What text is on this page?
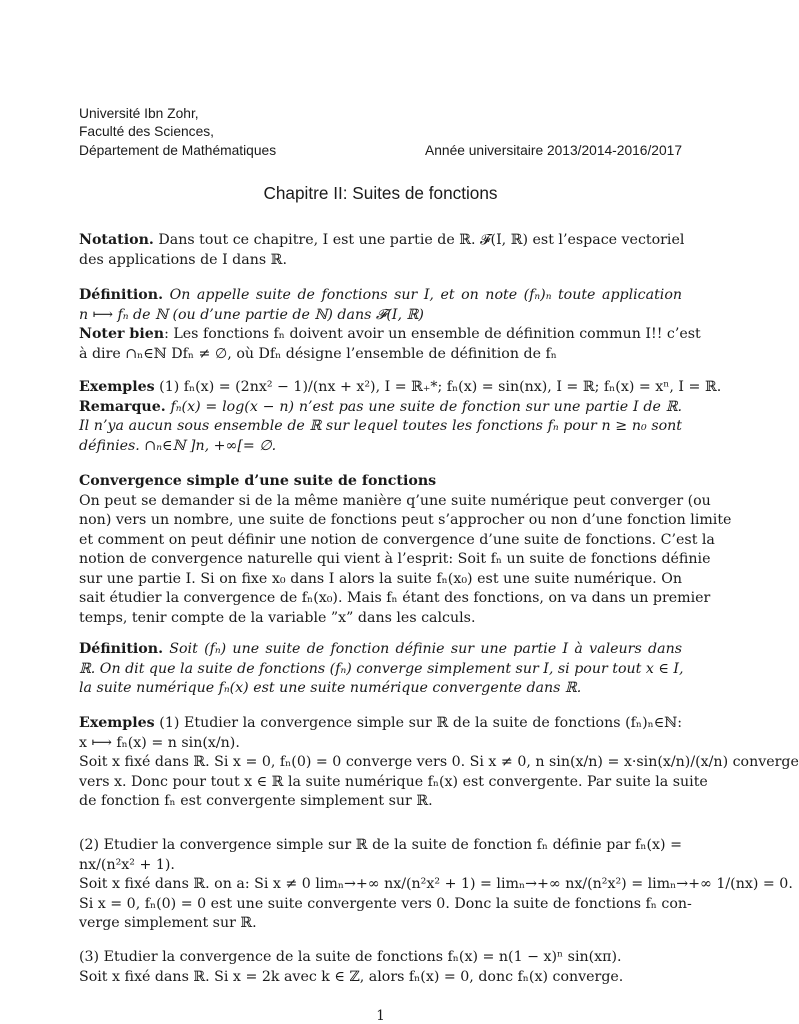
Université Ibn Zohr,
Faculté des Sciences,
Département de Mathématiques	Année universitaire 2013/2014-2016/2017
Chapitre II: Suites de fonctions
Notation. Dans tout ce chapitre, I est une partie de ℝ. 𝓕(I, ℝ) est l’espace vectoriel
des applications de I dans ℝ.
Définition. On appelle suite de fonctions sur I, et on note (fₙ)ₙ toute application
n ⟼ fₙ de ℕ (ou d’une partie de ℕ) dans 𝓕(I, ℝ)
Noter bien: Les fonctions fₙ doivent avoir un ensemble de définition commun I!! c’est
à dire ∩ₙ∈ℕ Dfₙ ≠ ∅, où Dfₙ désigne l’ensemble de définition de fₙ
Exemples (1) fₙ(x) = (2nx² − 1)/(nx + x²), I = ℝ₊*; fₙ(x) = sin(nx), I = ℝ; fₙ(x) = xⁿ, I = ℝ.
Remarque. fₙ(x) = log(x − n) n’est pas une suite de fonction sur une partie I de ℝ.
Il n’ya aucun sous ensemble de ℝ sur lequel toutes les fonctions fₙ pour n ≥ n₀ sont
définies. ∩ₙ∈ℕ ]n, +∞[= ∅.
Convergence simple d’une suite de fonctions
On peut se demander si de la même manière q’une suite numérique peut converger (ou
non) vers un nombre, une suite de fonctions peut s’approcher ou non d’une fonction limite
et comment on peut définir une notion de convergence d’une suite de fonctions. C’est la
notion de convergence naturelle qui vient à l’esprit: Soit fₙ un suite de fonctions définie
sur une partie I. Si on fixe x₀ dans I alors la suite fₙ(x₀) est une suite numérique. On
sait étudier la convergence de fₙ(x₀). Mais fₙ étant des fonctions, on va dans un premier
temps, tenir compte de la variable ”x” dans les calculs.
Définition. Soit (fₙ) une suite de fonction définie sur une partie I à valeurs dans
ℝ. On dit que la suite de fonctions (fₙ) converge simplement sur I, si pour tout x ∈ I,
la suite numérique fₙ(x) est une suite numérique convergente dans ℝ.
Exemples (1) Etudier la convergence simple sur ℝ de la suite de fonctions (fₙ)ₙ∈ℕ:
x ⟼ fₙ(x) = n sin(x/n).
Soit x fixé dans ℝ. Si x = 0, fₙ(0) = 0 converge vers 0. Si x ≠ 0, n sin(x/n) = x·sin(x/n)/(x/n) converge
vers x. Donc pour tout x ∈ ℝ la suite numérique fₙ(x) est convergente. Par suite la suite
de fonction fₙ est convergente simplement sur ℝ.
(2) Etudier la convergence simple sur ℝ de la suite de fonction fₙ définie par fₙ(x) =
nx/(n²x² + 1).
Soit x fixé dans ℝ. on a: Si x ≠ 0 limₙ→+∞ nx/(n²x² + 1) = limₙ→+∞ nx/(n²x²) = limₙ→+∞ 1/(nx) = 0.
Si x = 0, fₙ(0) = 0 est une suite convergente vers 0. Donc la suite de fonctions fₙ con-
verge simplement sur ℝ.
(3) Etudier la convergence de la suite de fonctions fₙ(x) = n(1 − x)ⁿ sin(xπ).
Soit x fixé dans ℝ. Si x = 2k avec k ∈ ℤ, alors fₙ(x) = 0, donc fₙ(x) converge.
1
